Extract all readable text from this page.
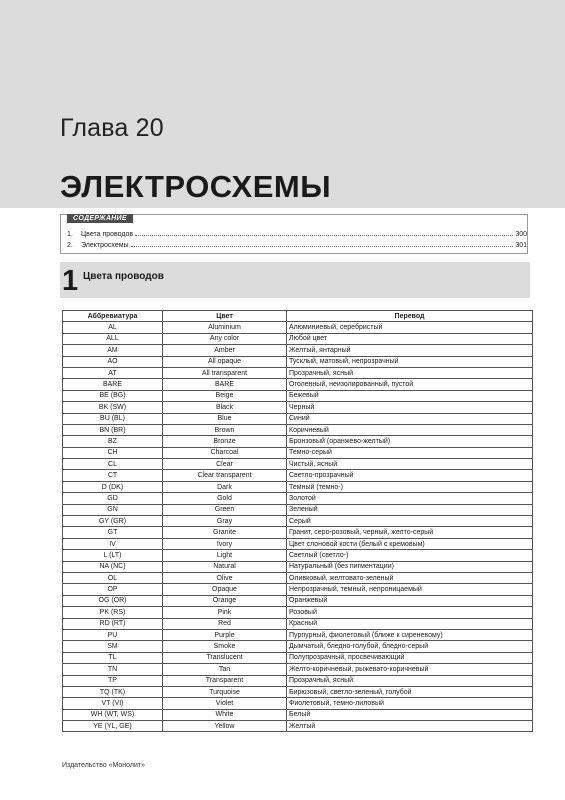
Глава 20
ЭЛЕКТРОСХЕМЫ
СОДЕРЖАНИЕ
1.	Цвета проводов	300
2.	Электросхемы	301
1 Цвета проводов
Аббревиатура	Цвет	Перевод
AL	Aluminium	Алюминиевый, серебристый
ALL	Any color	Любой цвет
AM	Amber	Желтый, янтарный
AO	All opaque	Тусклый, матовый, непрозрачный
AT	All transparent	Прозрачный, ясный
BARE	BARE	Оголенный, неизолированный, пустой
BE (BG)	Beige	Бежевый
BK (SW)	Black	Черный
BU (BL)	Blue	Синий
BN (BR)	Brown	Коричневый
BZ	Bronze	Бронзовый (оранжево-желтый)
CH	Charcoal	Темно-серый
CL	Clear	Чистый, ясный
CT	Clear transparent	Светло-прозрачный
D (DK)	Dark	Темный (темно-)
GD	Gold	Золотой
GN	Green	Зеленый
GY (GR)	Gray	Серый
GT	Granite	Гранит, серо-розовый, черный, желто-серый
IV	Ivory	Цвет слоновой кости (белый с кремовым)
L (LT)	Light	Светлый (светло-)
NA (NC)	Natural	Натуральный (без пигментации)
OL	Olive	Оливковый, желтовато-зеленый
OP	Opaque	Непрозрачный, темный, непроницаемый
OG (OR)	Orange	Оранжевый
PK (RS)	Pink	Розовый
RD (RT)	Red	Красный
PU	Purple	Пурпурный, фиолетовый (ближе к сиреневому)
SM	Smoke	Дымчатый, бледно-голубой, бледно-серый
TL	Translucent	Полупрозрачный, просвечивающий
TN	Tan	Желто-коричневый, рыжевато-коричневый
TP	Transparent	Прозрачный, ясный
TQ (TK)	Turquoise	Бирюзовый, светло-зеленый, голубой
VT (VI)	Violet	Фиолетовый, темно-лиловый
WH (WT, WS)	White	Белый
YE (YL, GE)	Yellow	Желтый
Издательство «Монолит»
